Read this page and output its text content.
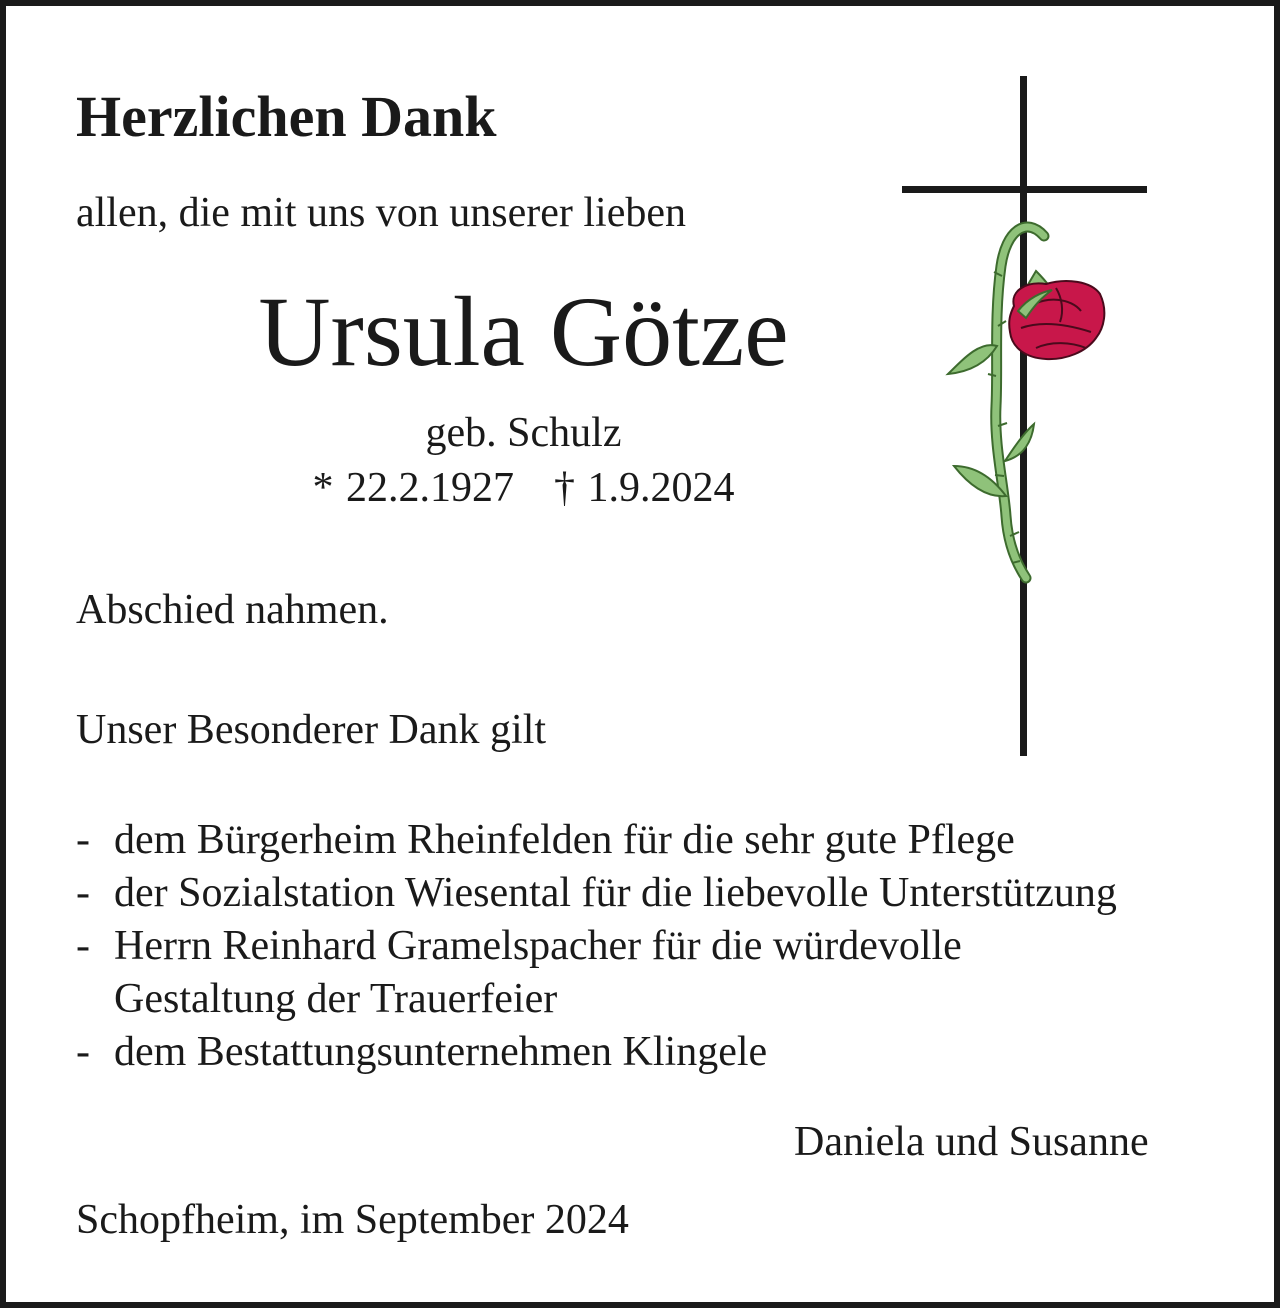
Herzlichen Dank
allen, die mit uns von unserer lieben
Ursula Götze
geb. Schulz
* 22.2.1927 † 1.9.2024
Abschied nahmen.
Unser Besonderer Dank gilt
- dem Bürgerheim Rheinfelden für die sehr gute Pflege
- der Sozialstation Wiesental für die liebevolle Unterstützung
- Herrn Reinhard Gramelspacher für die würdevolle
Gestaltung der Trauerfeier
- dem Bestattungsunternehmen Klingele
Daniela und Susanne
Schopfheim, im September 2024
